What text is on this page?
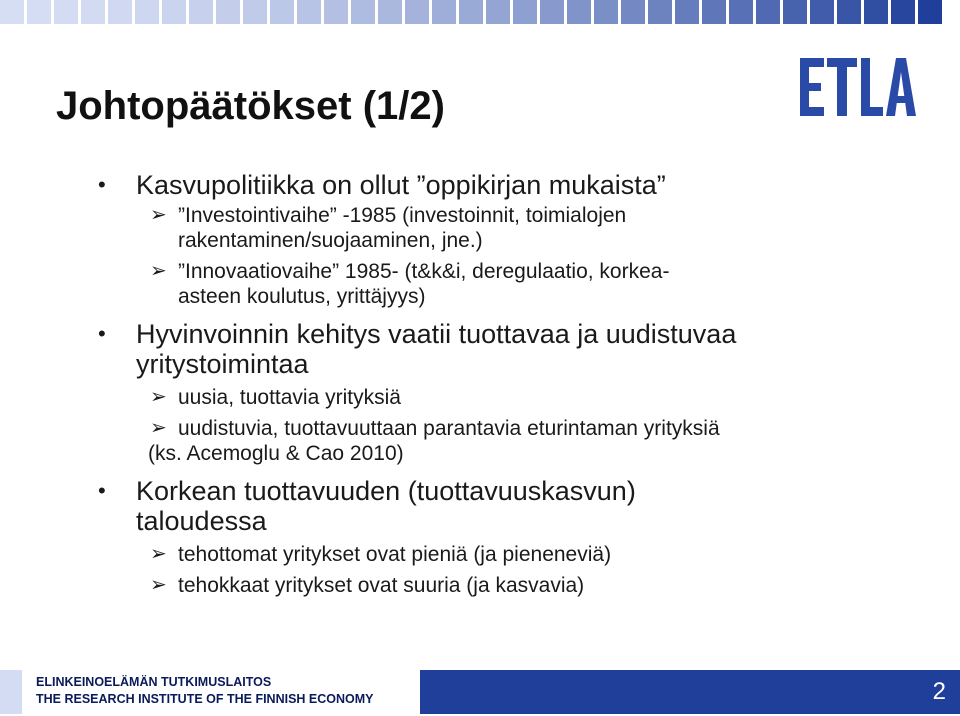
Johtopäätökset (1/2)
• Kasvupolitiikka on ollut ”oppikirjan mukaista”
➢ ”Investointivaihe” -1985 (investoinnit, toimialojen
rakentaminen/suojaaminen, jne.)
➢ ”Innovaatiovaihe” 1985- (t&k&i, deregulaatio, korkea-
asteen koulutus, yrittäjyys)
• Hyvinvoinnin kehitys vaatii tuottavaa ja uudistuvaa
yritystoimintaa
➢ uusia, tuottavia yrityksiä
➢ uudistuvia, tuottavuuttaan parantavia eturintaman yrityksiä
(ks. Acemoglu & Cao 2010)
• Korkean tuottavuuden (tuottavuuskasvun)
taloudessa
➢ tehottomat yritykset ovat pieniä (ja pieneneviä)
➢ tehokkaat yritykset ovat suuria (ja kasvavia)
ELINKEINOELÄMÄN TUTKIMUSLAITOS
THE RESEARCH INSTITUTE OF THE FINNISH ECONOMY	2
